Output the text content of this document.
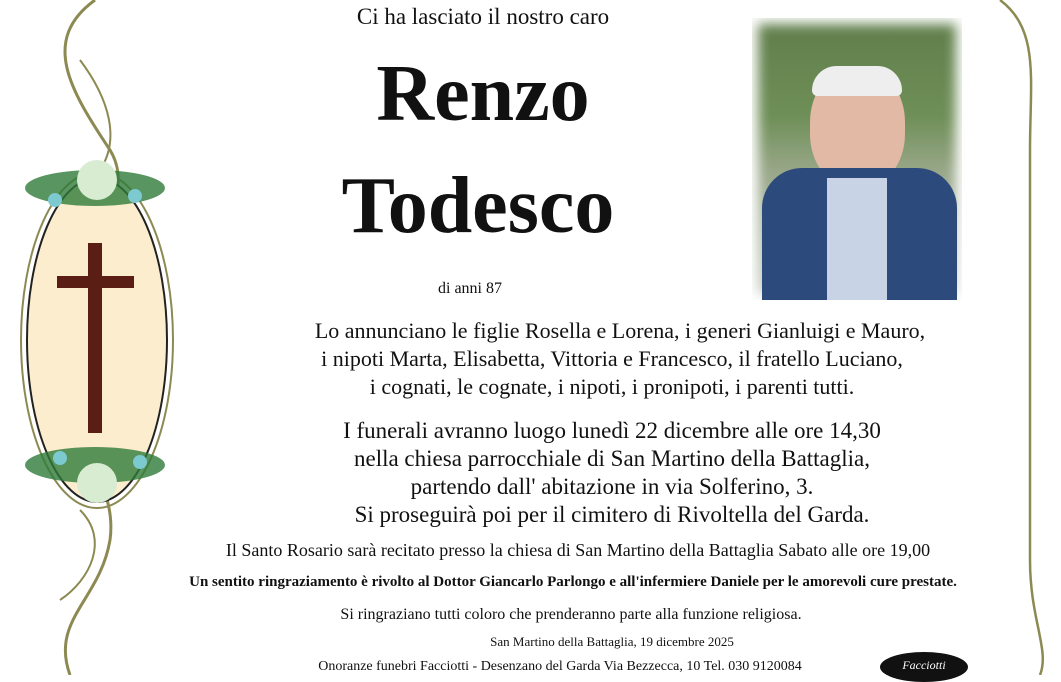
Ci ha lasciato il nostro caro
Renzo
Todesco
di anni 87
Lo annunciano le figlie Rosella e Lorena, i generi Gianluigi e Mauro,
i nipoti Marta, Elisabetta, Vittoria e Francesco, il fratello Luciano,
i cognati, le cognate, i nipoti, i pronipoti, i parenti tutti.
I funerali avranno luogo lunedì 22 dicembre alle ore 14,30
nella chiesa parrocchiale di San Martino della Battaglia,
partendo dall' abitazione in via Solferino, 3.
Si proseguirà poi per il cimitero di Rivoltella del Garda.
Il Santo Rosario sarà recitato presso la chiesa di San Martino della Battaglia Sabato alle ore 19,00
Un sentito ringraziamento è rivolto al Dottor Giancarlo Parlongo e all'infermiere Daniele per le amorevoli cure prestate.
Si ringraziano tutti coloro che prenderanno parte alla funzione religiosa.
San Martino della Battaglia, 19 dicembre 2025
Onoranze funebri Facciotti - Desenzano del Garda Via Bezzecca, 10 Tel. 030 9120084	Facciotti
